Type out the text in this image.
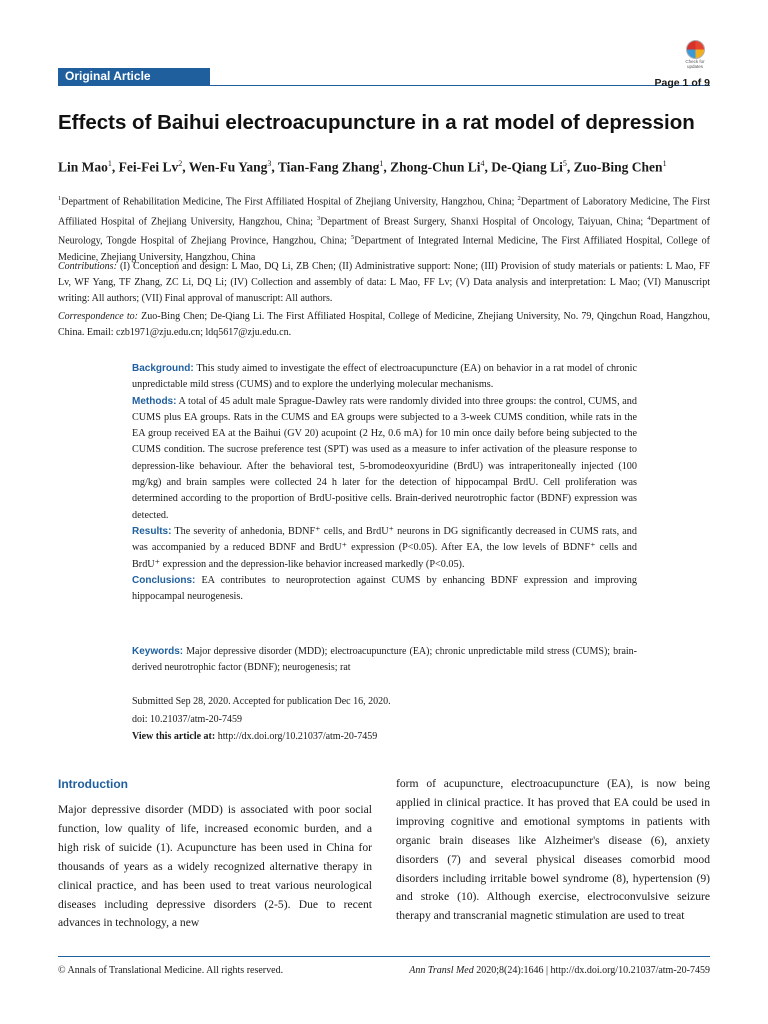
Original Article
Check for
updates
Page 1 of 9
Effects of Baihui electroacupuncture in a rat model of depression
Lin Mao$^1$, Fei-Fei Lv$^2$, Wen-Fu Yang$^3$, Tian-Fang Zhang$^1$, Zhong-Chun Li$^4$, De-Qiang Li$^5$, Zuo-Bing Chen$^1$
$^1$Department of Rehabilitation Medicine, The First Affiliated Hospital of Zhejiang University, Hangzhou, China; $^2$Department of Laboratory Medicine, The First Affiliated Hospital of Zhejiang University, Hangzhou, China; $^3$Department of Breast Surgery, Shanxi Hospital of Oncology, Taiyuan, China; $^4$Department of Neurology, Tongde Hospital of Zhejiang Province, Hangzhou, China; $^5$Department of Integrated Internal Medicine, The First Affiliated Hospital, College of Medicine, Zhejiang University, Hangzhou, China
Contributions: (I) Conception and design: L Mao, DQ Li, ZB Chen; (II) Administrative support: None; (III) Provision of study materials or patients: L Mao, FF Lv, WF Yang, TF Zhang, ZC Li, DQ Li; (IV) Collection and assembly of data: L Mao, FF Lv; (V) Data analysis and interpretation: L Mao; (VI) Manuscript writing: All authors; (VII) Final approval of manuscript: All authors.
Correspondence to: Zuo-Bing Chen; De-Qiang Li. The First Affiliated Hospital, College of Medicine, Zhejiang University, No. 79, Qingchun Road, Hangzhou, China. Email: czb1971@zju.edu.cn; ldq5617@zju.edu.cn.

Background: This study aimed to investigate the effect of electroacupuncture (EA) on behavior in a rat model of chronic unpredictable mild stress (CUMS) and to explore the underlying molecular mechanisms.

Methods: A total of 45 adult male Sprague-Dawley rats were randomly divided into three groups: the control, CUMS, and CUMS plus EA groups. Rats in the CUMS and EA groups were subjected to a 3-week CUMS condition, while rats in the EA group received EA at the Baihui (GV 20) acupoint (2 Hz, 0.6 mA) for 10 min once daily before being subjected to the CUMS condition. The sucrose preference test (SPT) was used as a measure to infer activation of the pleasure response to depression-like behaviour. After the behavioral test, 5-bromodeoxyuridine (BrdU) was intraperitoneally injected (100 mg/kg) and brain samples were collected 24 h later for the detection of hippocampal BrdU. Cell proliferation was determined according to the proportion of BrdU-positive cells. Brain-derived neurotrophic factor (BDNF) expression was detected.

Results: The severity of anhedonia, BDNF⁺ cells, and BrdU⁺ neurons in DG significantly decreased in CUMS rats, and was accompanied by a reduced BDNF and BrdU⁺ expression (P<0.05). After EA, the low levels of BDNF⁺ cells and BrdU⁺ expression and the depression-like behavior increased markedly (P<0.05).

Conclusions: EA contributes to neuroprotection against CUMS by enhancing BDNF expression and improving hippocampal neurogenesis.

Keywords: Major depressive disorder (MDD); electroacupuncture (EA); chronic unpredictable mild stress (CUMS); brain-derived neurotrophic factor (BDNF); neurogenesis; rat

Submitted Sep 28, 2020. Accepted for publication Dec 16, 2020.

doi: 10.21037/atm-20-7459

View this article at: http://dx.doi.org/10.21037/atm-20-7459

Introduction

Major depressive disorder (MDD) is associated with poor social function, low quality of life, increased economic burden, and a high risk of suicide (1). Acupuncture has been used in China for thousands of years as a widely recognized alternative therapy in clinical practice, and has been used to treat various neurological diseases including depressive disorders (2-5). Due to recent advances in technology, a new

form of acupuncture, electroacupuncture (EA), is now being applied in clinical practice. It has proved that EA could be used in improving cognitive and emotional symptoms in patients with organic brain diseases like Alzheimer's disease (6), anxiety disorders (7) and several physical diseases comorbid mood disorders including irritable bowel syndrome (8), hypertension (9) and stroke (10). Although exercise, electroconvulsive seizure therapy and transcranial magnetic stimulation are used to treat

© Annals of Translational Medicine. All rights reserved.	Ann Transl Med 2020;8(24):1646 | http://dx.doi.org/10.21037/atm-20-7459
